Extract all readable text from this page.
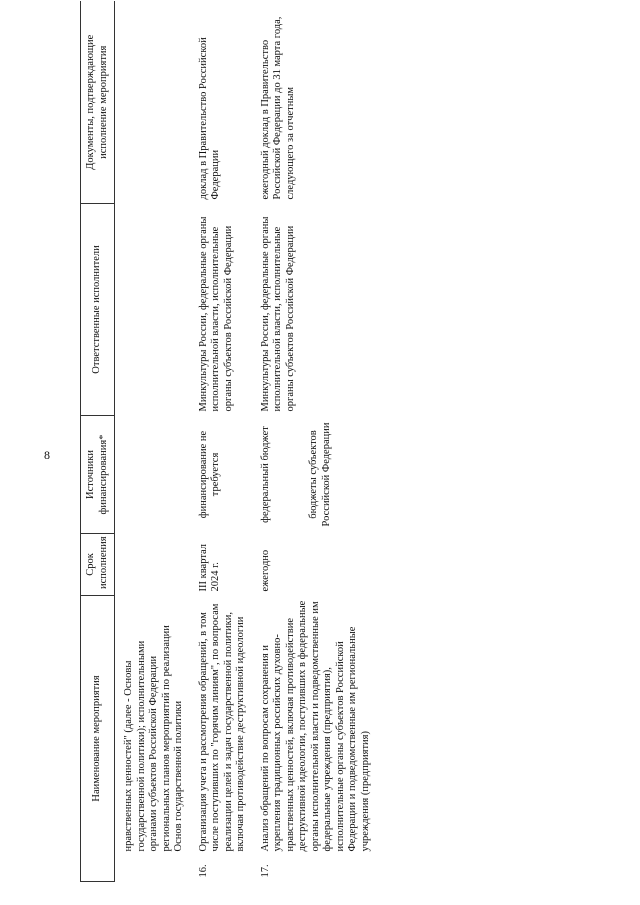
8
Наименование мероприятия		Срок исполнения	Источники финансирования*	Ответственные исполнители	Документы, подтверждающие исполнение мероприятия
	нравственных ценностей" (далее - Основы государственной политики); исполнительными органами субъектов Российской Федерации региональных планов мероприятий по реализации Основ государственной политики				
16.	Организация учета и рассмотрения обращений, в том числе поступивших по "горячим линиям", по вопросам реализации целей и задач государственной политики, включая противодействие деструктивной идеологии	III квартал 2024 г.	финансирование не требуется	Минкультуры России, федеральные органы исполнительной власти, исполнительные органы субъектов Российской Федерации	доклад в Правительство Российской Федерации
17.	Анализ обращений по вопросам сохранения и укрепления традиционных российских духовно-нравственных ценностей, включая противодействие деструктивной идеологии, поступивших в федеральные органы исполнительной власти и подведомственные им федеральные учреждения (предприятия), исполнительные органы субъектов Российской Федерации и подведомственные им региональные учреждения (предприятия)	ежегодно	федеральный бюджет бюджеты субъектов Российской Федерации	Минкультуры России, федеральные органы исполнительной власти, исполнительные органы субъектов Российской Федерации	ежегодный доклад в Правительство Российской Федерации до 31 марта года, следующего за отчетным
